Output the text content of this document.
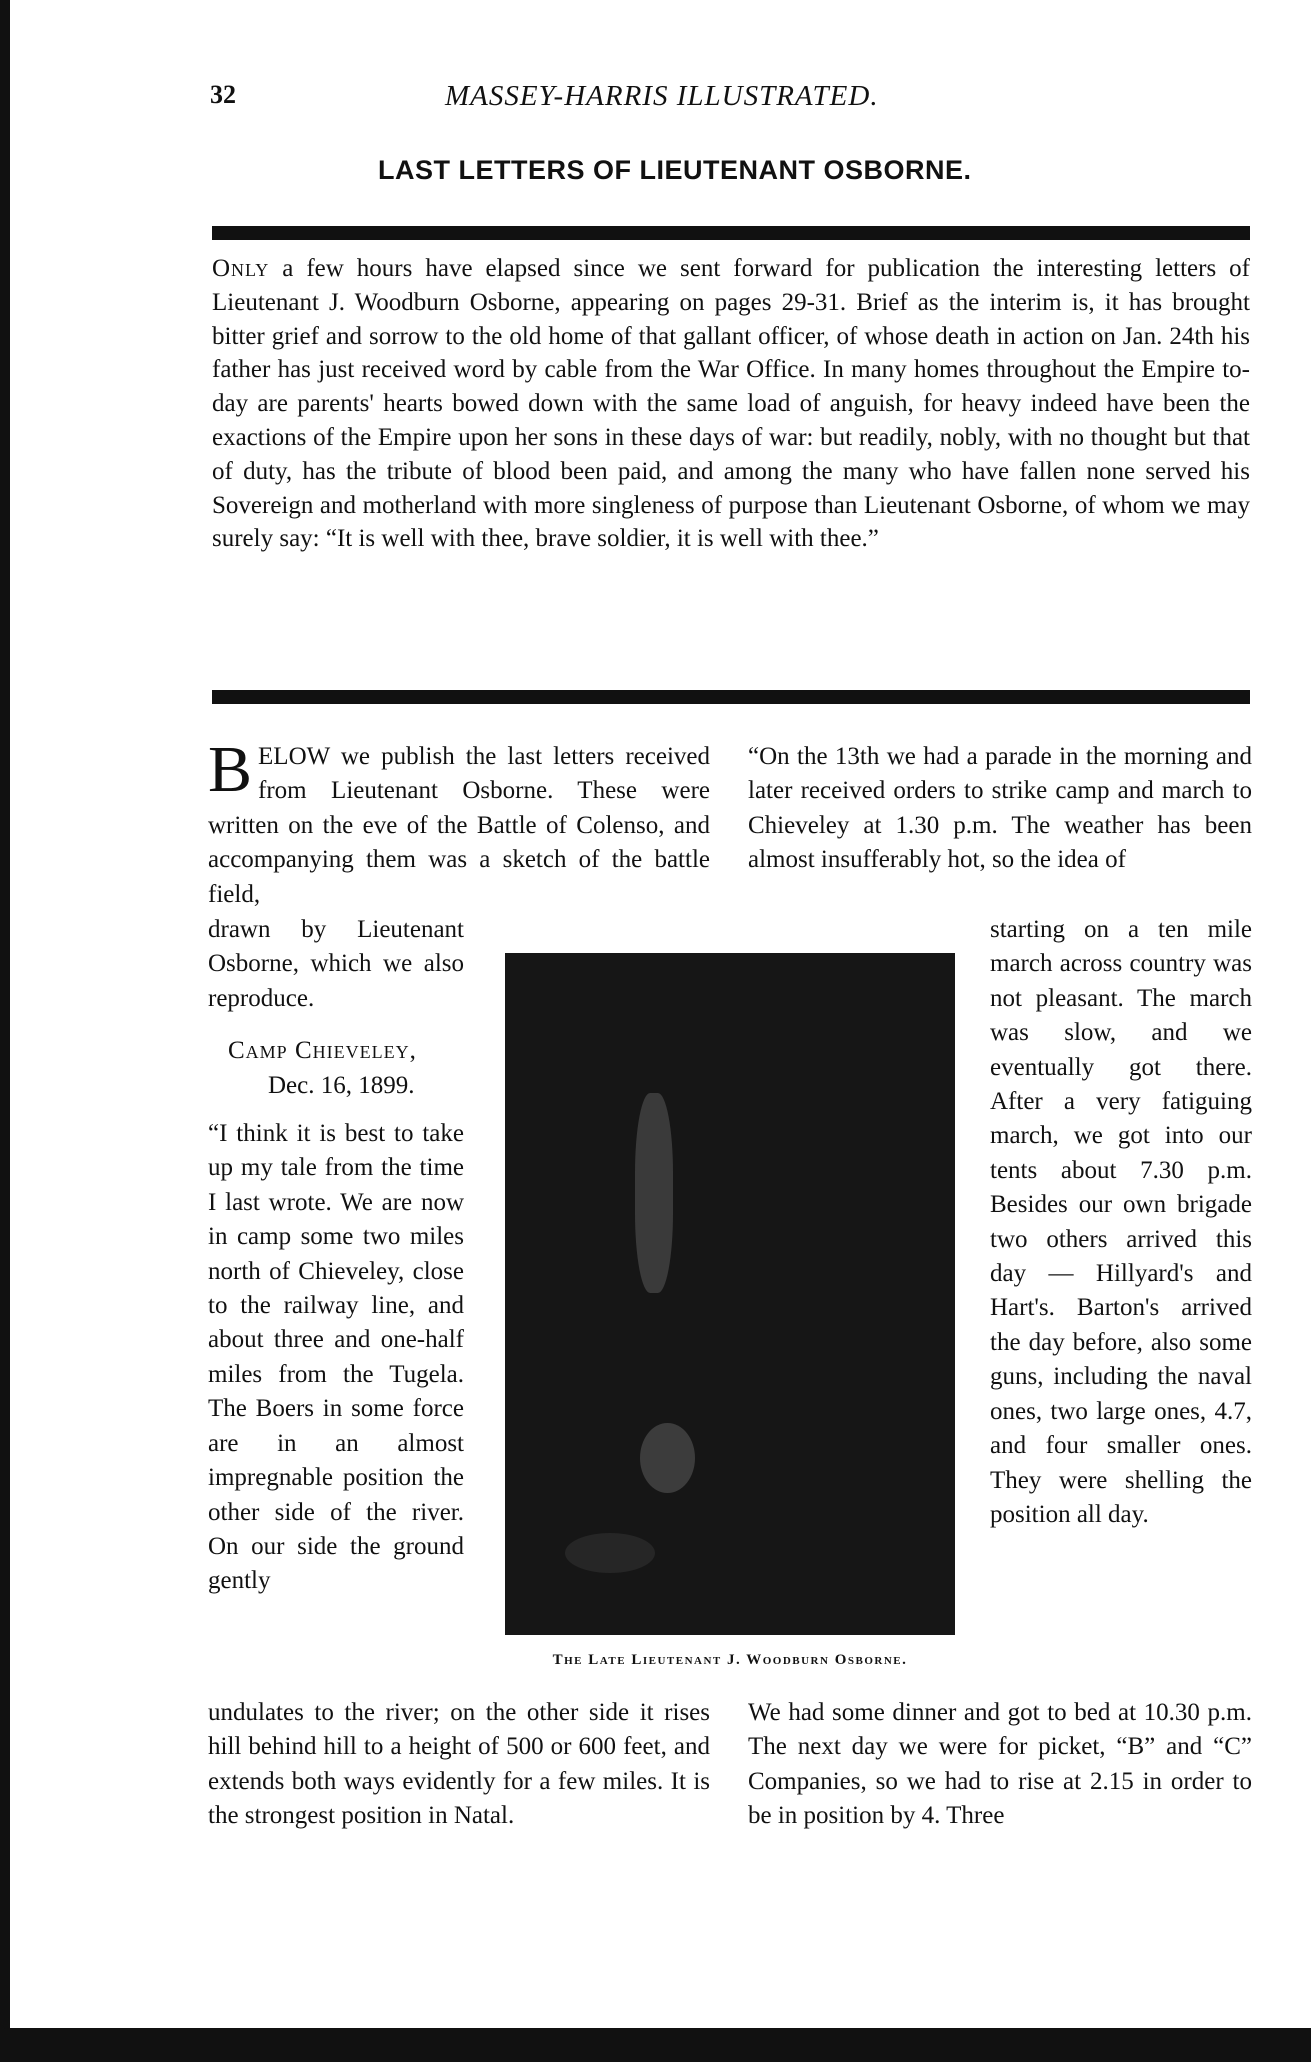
32	MASSEY-HARRIS ILLUSTRATED.
LAST LETTERS OF LIEUTENANT OSBORNE.
Only a few hours have elapsed since we sent forward for publication the interesting letters of Lieutenant J. Woodburn Osborne, appearing on pages 29-31. Brief as the interim is, it has brought bitter grief and sorrow to the old home of that gallant officer, of whose death in action on Jan. 24th his father has just received word by cable from the War Office. In many homes throughout the Empire to-day are parents' hearts bowed down with the same load of anguish, for heavy indeed have been the exactions of the Empire upon her sons in these days of war: but readily, nobly, with no thought but that of duty, has the tribute of blood been paid, and among the many who have fallen none served his Sovereign and motherland with more singleness of purpose than Lieutenant Osborne, of whom we may surely say: “It is well with thee, brave soldier, it is well with thee.”

BELOW we publish the last letters received from Lieutenant Osborne. These were written on the eve of the Battle of Colenso, and accompanying them was a sketch of the battle field,

drawn by Lieutenant Osborne, which we also reproduce.

Camp Chieveley,
Dec. 16, 1899.

“I think it is best to take up my tale from the time I last wrote. We are now in camp some two miles north of Chieveley, close to the railway line, and about three and one-half miles from the Tugela. The Boers in some force are in an almost impregnable position the other side of the river. On our side the ground gently

undulates to the river; on the other side it rises hill behind hill to a height of 500 or 600 feet, and extends both ways evidently for a few miles. It is the strongest position in Natal.

The Late Lieutenant J. Woodburn Osborne.

“On the 13th we had a parade in the morning and later received orders to strike camp and march to Chieveley at 1.30 p.m. The weather has been almost insufferably hot, so the idea of

starting on a ten mile march across country was not pleasant. The march was slow, and we eventually got there. After a very fatiguing march, we got into our tents about 7.30 p.m. Besides our own brigade two others arrived this day — Hillyard's and Hart's. Barton's arrived the day before, also some guns, including the naval ones, two large ones, 4.7, and four smaller ones. They were shelling the position all day.

We had some dinner and got to bed at 10.30 p.m. The next day we were for picket, “B” and “C” Companies, so we had to rise at 2.15 in order to be in position by 4. Three
